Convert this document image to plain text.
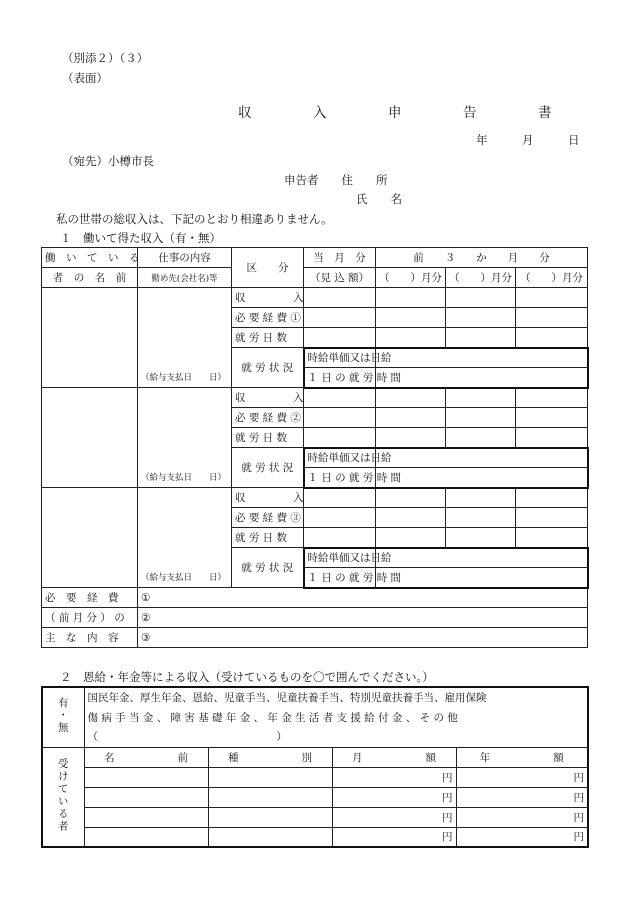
（別添２）（３）
（表面）
収　入　申　告　書
年　　　月　　　日
（宛先）小樽市長
申告者　　住　　所
氏　　名
私の世帯の総収入は、下記のとおり相違ありません。
１　働いて得た収入（有・無）
働　い　て　い　る	仕事の内容	区　　分	当　月　分	前　　３　　か　　月　　分		
者　の　名　前	勤め先(会社名)等		（見 込 額）	（　　）月分	（　　）月分	（　　）月分
	（給与支払日　　日）	収　　　入				
		必 要 経 費 ①				
		就 労 日 数				
		就 労 状 況	時給単価又は日給			
			１ 日 の 就 労 時 間			
	（給与支払日　　日）	収　　　入				
		必 要 経 費 ②				
		就 労 日 数				
		就 労 状 況	時給単価又は日給			
			１ 日 の 就 労 時 間			
	（給与支払日　　日）	収　　　入				
		必 要 経 費 ③				
		就 労 日 数				
		就 労 状 況	時給単価又は日給			
			１ 日 の 就 労 時 間			
必　要　経　費	①					
（ 前 月 分 ） の	②					
主　な　内　容	③					
２　恩給・年金等による収入（受けているものを〇で囲んでください。）
有・無	国民年金、厚生年金、恩給、児童手当、児童扶養手当、特別児童扶養手当、雇用保険			
	傷 病 手 当 金 、 障 害 基 礎 年 金 、 年 金 生 活 者 支 援 給 付 金 、 そ の 他			
	（　　　　　　　　　　　　　　　　　）			
受けている者	名　　　　　　前	種　　　　　　別	月　　　　　　額	年　　　　　　額
			円	円
			円	円
			円	円
			円	円
